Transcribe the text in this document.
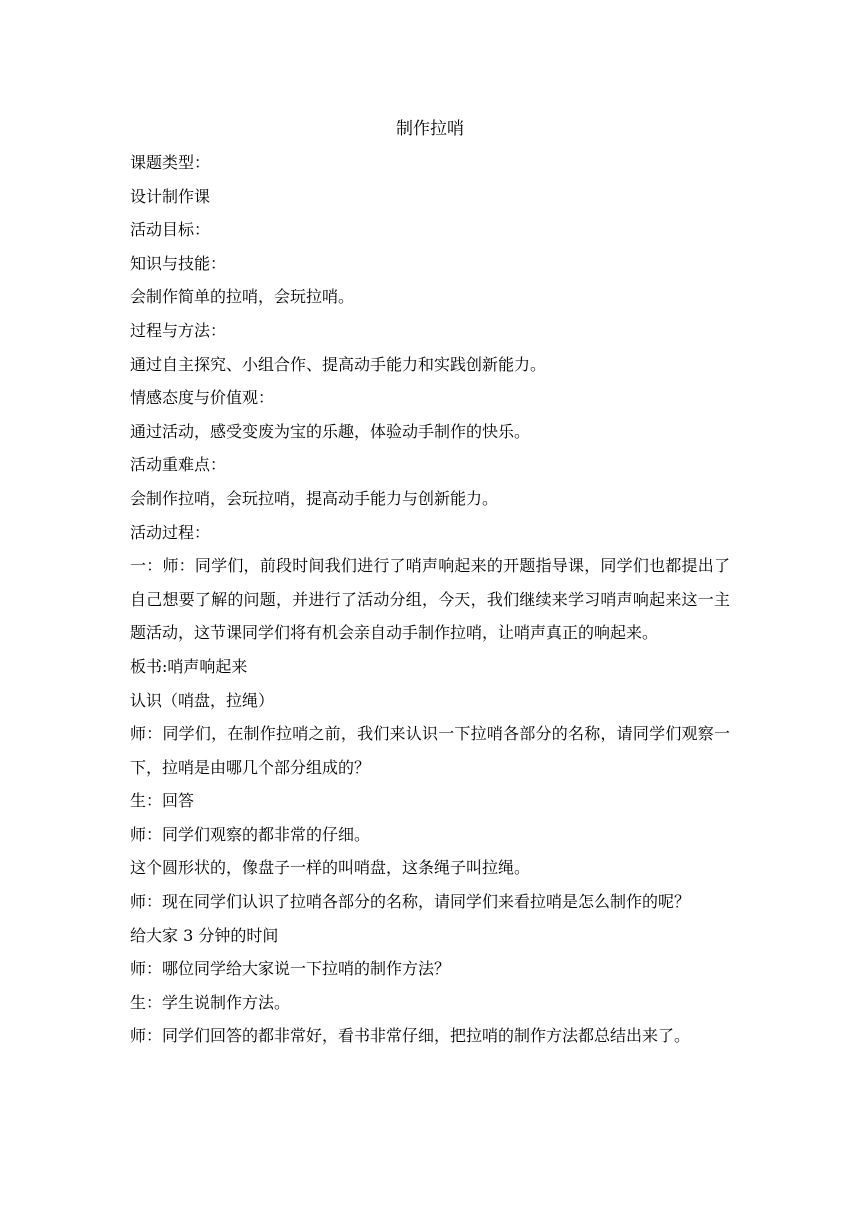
制作拉哨

课题类型：

设计制作课

活动目标：

知识与技能：

会制作简单的拉哨，会玩拉哨。

过程与方法：

通过自主探究、小组合作、提高动手能力和实践创新能力。

情感态度与价值观：

通过活动，感受变废为宝的乐趣，体验动手制作的快乐。

活动重难点：

会制作拉哨，会玩拉哨，提高动手能力与创新能力。

活动过程：

一：师：同学们，前段时间我们进行了哨声响起来的开题指导课，同学们也都提出了自己想要了解的问题，并进行了活动分组，今天，我们继续来学习哨声响起来这一主题活动，这节课同学们将有机会亲自动手制作拉哨，让哨声真正的响起来。

板书:哨声响起来

认识（哨盘，拉绳）

师：同学们，在制作拉哨之前，我们来认识一下拉哨各部分的名称，请同学们观察一下，拉哨是由哪几个部分组成的？

生：回答

师：同学们观察的都非常的仔细。

这个圆形状的，像盘子一样的叫哨盘，这条绳子叫拉绳。

师：现在同学们认识了拉哨各部分的名称，请同学们来看拉哨是怎么制作的呢？

给大家 3 分钟的时间

师：哪位同学给大家说一下拉哨的制作方法？

生：学生说制作方法。

师：同学们回答的都非常好，看书非常仔细，把拉哨的制作方法都总结出来了。
